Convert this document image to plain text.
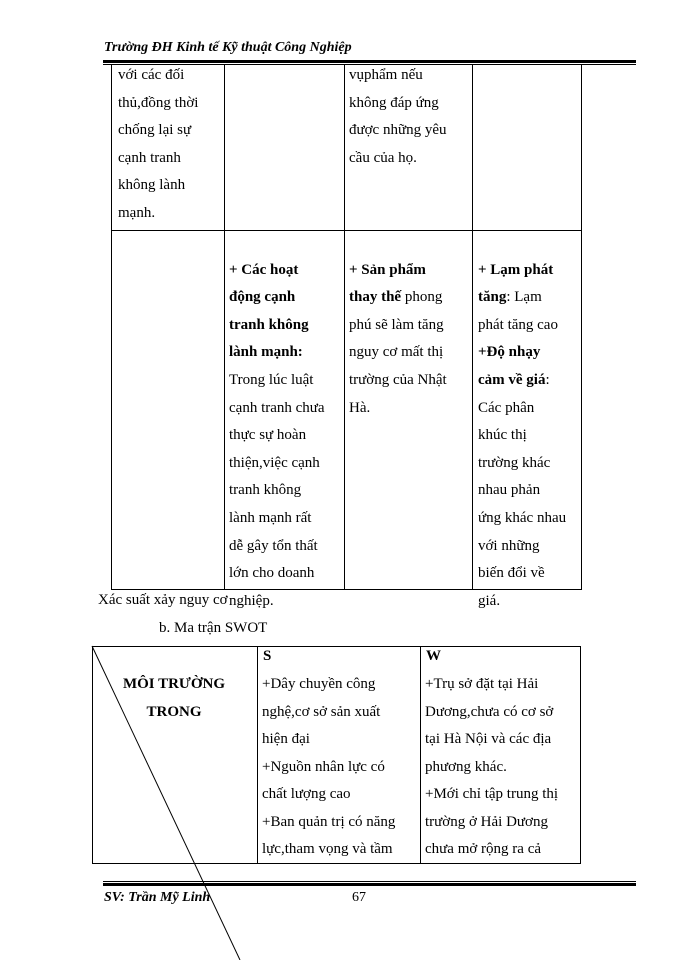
Trường ĐH Kinh tế Kỹ thuật Công Nghiệp
với các đối
thủ,đồng thời
chống lại sự
cạnh tranh
không lành
mạnh.
vụphẩm nếu
không đáp ứng
được những yêu
cầu của họ.

+ Các hoạt
động cạnh
tranh không
lành mạnh:
Trong lúc luật
cạnh tranh chưa
thực sự hoàn
thiện,việc cạnh
tranh không
lành mạnh rất
dễ gây tổn thất
lớn cho doanh
nghiệp.

+ Sản phẩm
thay thế phong
phú sẽ làm tăng
nguy cơ mất thị
trường của Nhật
Hà.

+ Lạm phát
tăng: Lạm
phát tăng cao
+Độ nhạy
cảm về giá:
Các phân
khúc thị
trường khác
nhau phản
ứng khác nhau
với những
biến đổi về
giá.

Xác suất xảy nguy cơ
b. Ma trận SWOT
MÔI TRƯỜNG
TRONG
S	W
+Dây chuyền công
nghệ,cơ sở sản xuất
hiện đại
+Nguồn nhân lực có
chất lượng cao
+Ban quản trị có năng
lực,tham vọng và tầm
+Trụ sở đặt tại Hải
Dương,chưa có cơ sở
tại Hà Nội và các địa
phương khác.
+Mới chỉ tập trung thị
trường ở Hải Dương
chưa mở rộng ra cả
SV: Trần Mỹ Linh	67
